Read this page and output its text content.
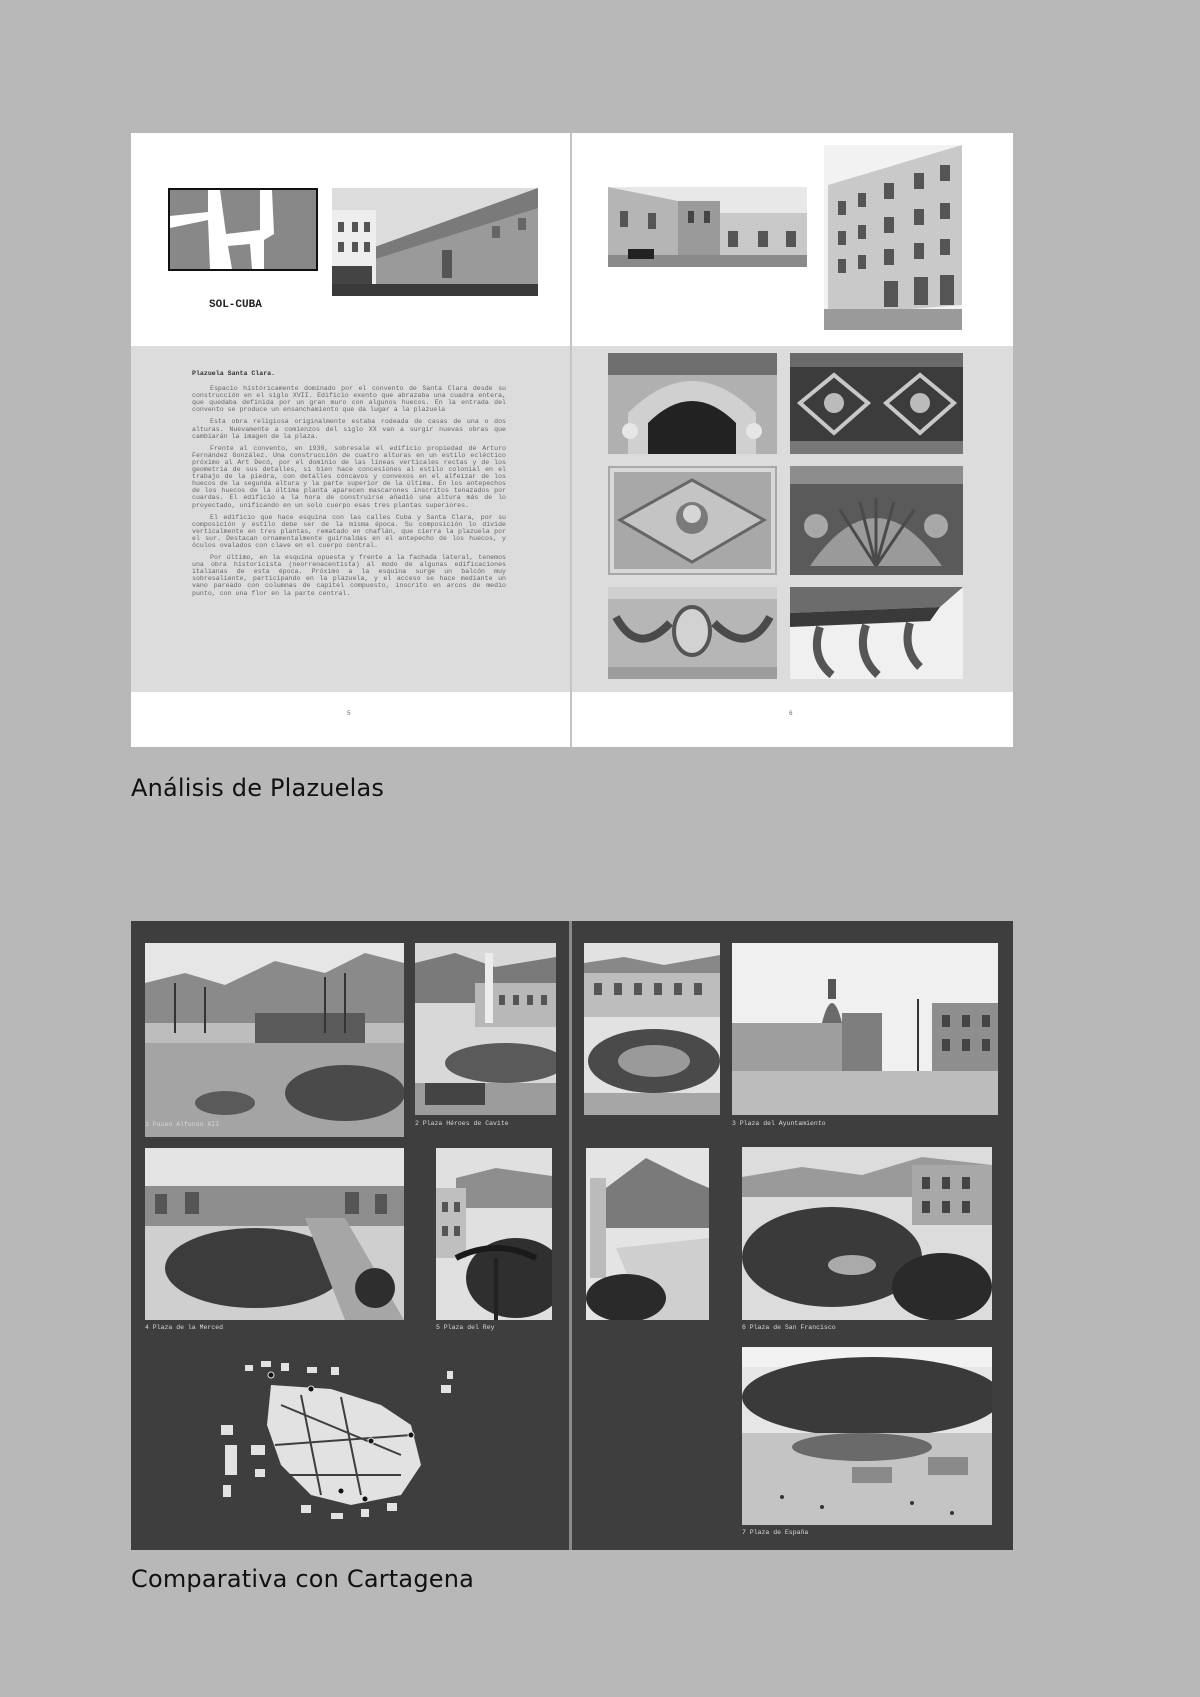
SOL-CUBA
Plazuela Santa Clara.

Espacio históricamente dominado por el convento de Santa Clara desde su construcción en el siglo XVII. Edificio exento que abrazaba una cuadra entera, que quedaba definida por un gran muro con algunos huecos. En la entrada del convento se produce un ensanchamiento que da lugar a la plazuela

Esta obra religiosa originalmente estaba rodeada de casas de una o dos alturas. Nuevamente a comienzos del siglo XX van a surgir nuevas obras que cambiarán la imagen de la plaza.

Frente al convento, en 1930, sobresale el edificio propiedad de Arturo Fernández González. Una construcción de cuatro alturas en un estilo ecléctico próximo al Art Decó, por el dominio de las líneas verticales rectas y de los geometría de sus detalles, si bien hace concesiones al estilo colonial en el trabajo de la piedra, con detalles cóncavos y convexos en el alfeizar de los huecos de la segunda altura y la parte superior de la última. En los antepechos de los huecos de la última planta aparecen mascarones inscritos tenazados por cuardas. El edificio a la hora de construirse añadió una altura más de lo proyectado, unificando en un solo cuerpo esas tres plantas superiores.

El edificio que hace esquina con las calles Cuba y Santa Clara, por su composición y estilo debe ser de la misma época. Su composición lo divide verticalmente en tres plantas, rematado en chaflán, que cierra la plazuela por el sur. Destacan ornamentalmente guirnaldas en el antepecho de los huecos, y óculos ovalados con clave en el cuerpo central.

Por último, en la esquina opuesta y frente a la fachada lateral, tenemos una obra historicista (neorrenacentista) al modo de algunas edificaciones italianas de esta época. Próximo a la esquina surge un balcón muy sobresaliente, participando en la plazuela, y el acceso se hace mediante un vano pareado con columnas de capitel compuesto, inscrito en arcos de medio punto, con una flor en la parte central.

5	6
Análisis de Plazuelas
1 Paseo Alfonso XII	2 Plaza Héroes de Cavite
4 Plaza de la Merced	5 Plaza del Rey
3 Plaza del Ayuntamiento
6 Plaza de San Francisco
7 Plaza de España
Comparativa con Cartagena
